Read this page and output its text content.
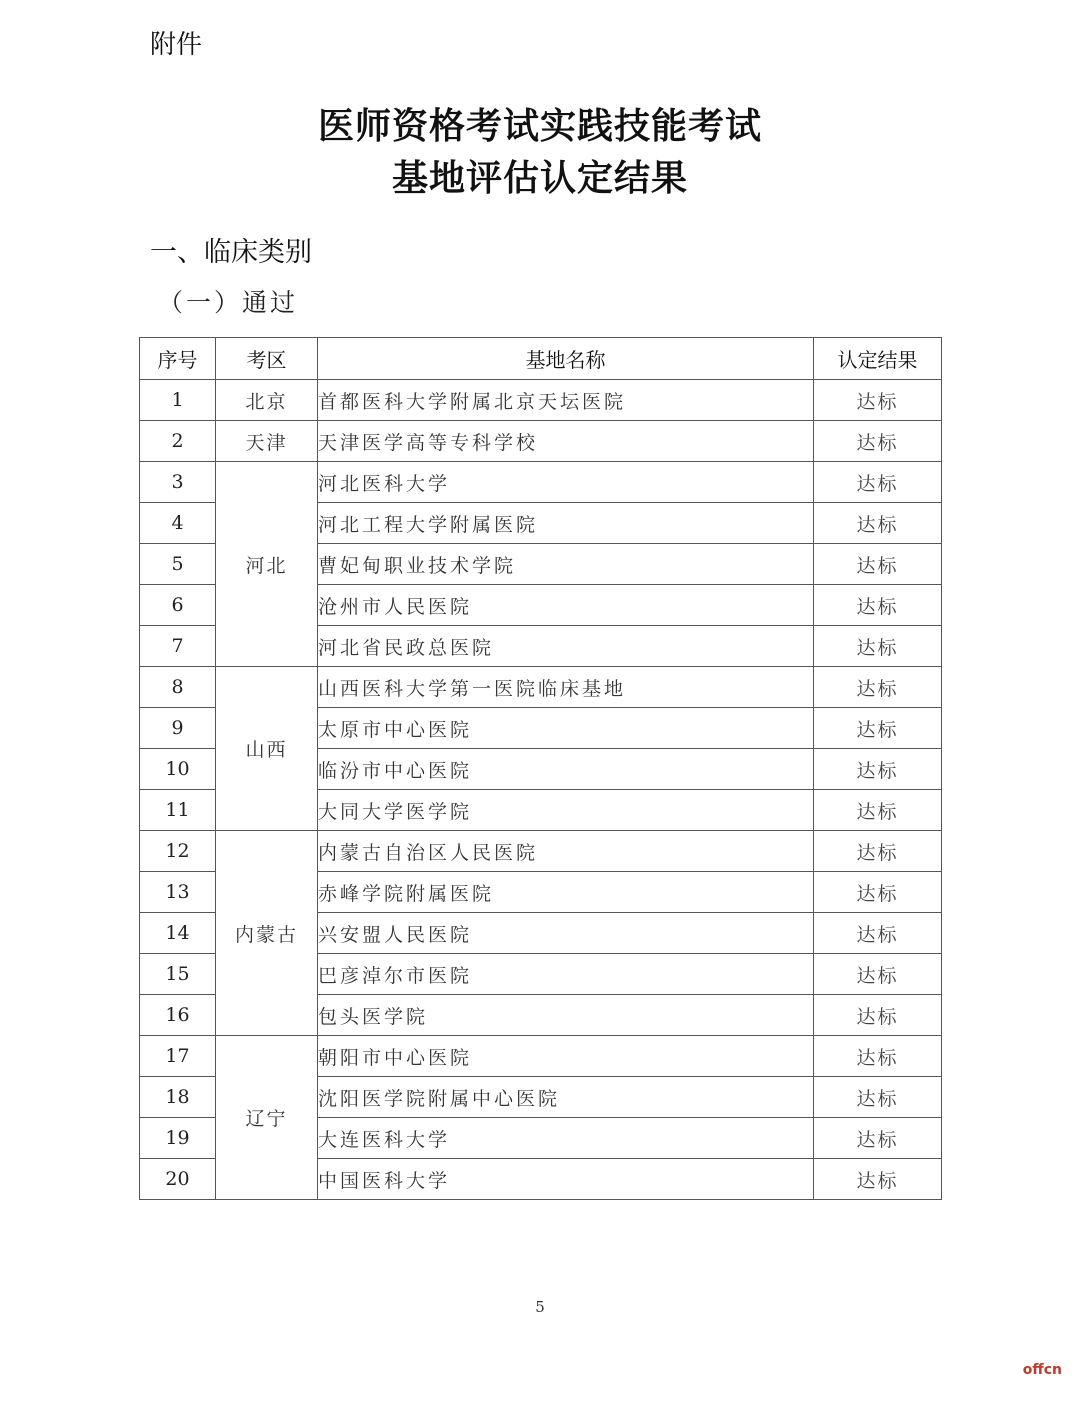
附件
医师资格考试实践技能考试
基地评估认定结果
一、临床类别
（一）通过
序号	考区	基地名称	认定结果
1	北京	首都医科大学附属北京天坛医院	达标
2	天津	天津医学高等专科学校	达标
3	河北	河北医科大学	达标
4		河北工程大学附属医院	达标
5		曹妃甸职业技术学院	达标
6		沧州市人民医院	达标
7		河北省民政总医院	达标
8	山西	山西医科大学第一医院临床基地	达标
9		太原市中心医院	达标
10		临汾市中心医院	达标
11		大同大学医学院	达标
12	内蒙古	内蒙古自治区人民医院	达标
13		赤峰学院附属医院	达标
14		兴安盟人民医院	达标
15		巴彦淖尔市医院	达标
16		包头医学院	达标
17	辽宁	朝阳市中心医院	达标
18		沈阳医学院附属中心医院	达标
19		大连医科大学	达标
20		中国医科大学	达标
5
offcn
